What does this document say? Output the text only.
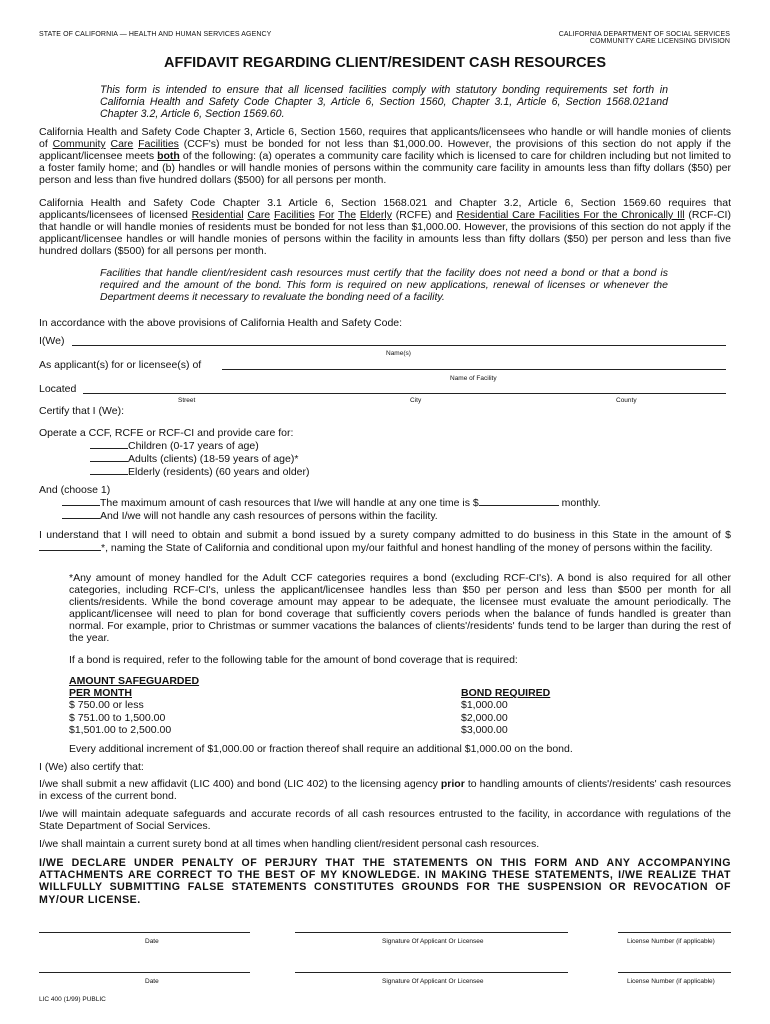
STATE OF CALIFORNIA — HEALTH AND HUMAN SERVICES AGENCY	CALIFORNIA DEPARTMENT OF SOCIAL SERVICES
COMMUNITY CARE LICENSING DIVISION
AFFIDAVIT REGARDING CLIENT/RESIDENT CASH RESOURCES
This form is intended to ensure that all licensed facilities comply with statutory bonding requirements set forth in California Health and Safety Code Chapter 3, Article 6, Section 1560, Chapter 3.1, Article 6, Section 1568.021and Chapter 3.2, Article 6, Section 1569.60.
California Health and Safety Code Chapter 3, Article 6, Section 1560, requires that applicants/licensees who handle or will handle monies of clients of Community Care Facilities (CCF's) must be bonded for not less than $1,000.00. However, the provisions of this section do not apply if the applicant/licensee meets both of the following: (a) operates a community care facility which is licensed to care for children including but not limited to a foster family home; and (b) handles or will handle monies of persons within the community care facility in amounts less than fifty dollars ($50) per person and less than five hundred dollars ($500) for all persons per month.
California Health and Safety Code Chapter 3.1 Article 6, Section 1568.021 and Chapter 3.2, Article 6, Section 1569.60 requires that applicants/licensees of licensed Residential Care Facilities For The Elderly (RCFE) and Residential Care Facilities For the Chronically Ill (RCF-CI) that handle or will handle monies of residents must be bonded for not less than $1,000.00. However, the provisions of this section do not apply if the applicant/licensee handles or will handle monies of persons within the facility in amounts less than fifty dollars ($50) per person and less than five hundred dollars ($500) for all persons per month.
Facilities that handle client/resident cash resources must certify that the facility does not need a bond or that a bond is required and the amount of the bond. This form is required on new applications, renewal of licenses or whenever the Department deems it necessary to revaluate the bonding need of a facility.
In accordance with the above provisions of California Health and Safety Code:
I(We)
Name(s)
As applicant(s) for or licensee(s) of
Name of Facility
Located
Street	City	County
Certify that I (We):
Operate a CCF, RCFE or RCF-CI and provide care for:
Children (0-17 years of age)
Adults (clients) (18-59 years of age)*
Elderly (residents) (60 years and older)
And (choose 1)
The maximum amount of cash resources that I/we will handle at any one time is $	monthly.
And I/we will not handle any cash resources of persons within the facility.
I understand that I will need to obtain and submit a bond issued by a surety company admitted to do business in this State in the amount of $*, naming the State of California and conditional upon my/our faithful and honest handling of the money of persons within the facility.
*Any amount of money handled for the Adult CCF categories requires a bond (excluding RCF-CI's). A bond is also required for all other categories, including RCF-CI's, unless the applicant/licensee handles less than $50 per person and less than $500 per month for all clients/residents. While the bond coverage amount may appear to be adequate, the licensee must evaluate the amount periodically. The applicant/licensee will need to plan for bond coverage that sufficiently covers periods when the balance of funds handled is greater than normal. For example, prior to Christmas or summer vacations the balances of clients'/residents' funds tend to be larger than during the rest of the year.
If a bond is required, refer to the following table for the amount of bond coverage that is required:
AMOUNT SAFEGUARDED	
PER MONTH	BOND REQUIRED
$ 750.00 or less	$1,000.00
$ 751.00 to 1,500.00	$2,000.00
$1,501.00 to 2,500.00	$3,000.00
Every additional increment of $1,000.00 or fraction thereof shall require an additional $1,000.00 on the bond.
I (We) also certify that:
I/we shall submit a new affidavit (LIC 400) and bond (LIC 402) to the licensing agency prior to handling amounts of clients'/residents' cash resources in excess of the current bond.
I/we will maintain adequate safeguards and accurate records of all cash resources entrusted to the facility, in accordance with regulations of the State Department of Social Services.
I/we shall maintain a current surety bond at all times when handling client/resident personal cash resources.
I/WE DECLARE UNDER PENALTY OF PERJURY THAT THE STATEMENTS ON THIS FORM AND ANY ACCOMPANYING ATTACHMENTS ARE CORRECT TO THE BEST OF MY KNOWLEDGE. IN MAKING THESE STATEMENTS, I/WE REALIZE THAT WILLFULLY SUBMITTING FALSE STATEMENTS CONSTITUTES GROUNDS FOR THE SUSPENSION OR REVOCATION OF MY/OUR LICENSE.
Date	Signature Of Applicant Or Licensee	License Number (if applicable)
Date	Signature Of Applicant Or Licensee	License Number (if applicable)
LIC 400 (1/99) PUBLIC
